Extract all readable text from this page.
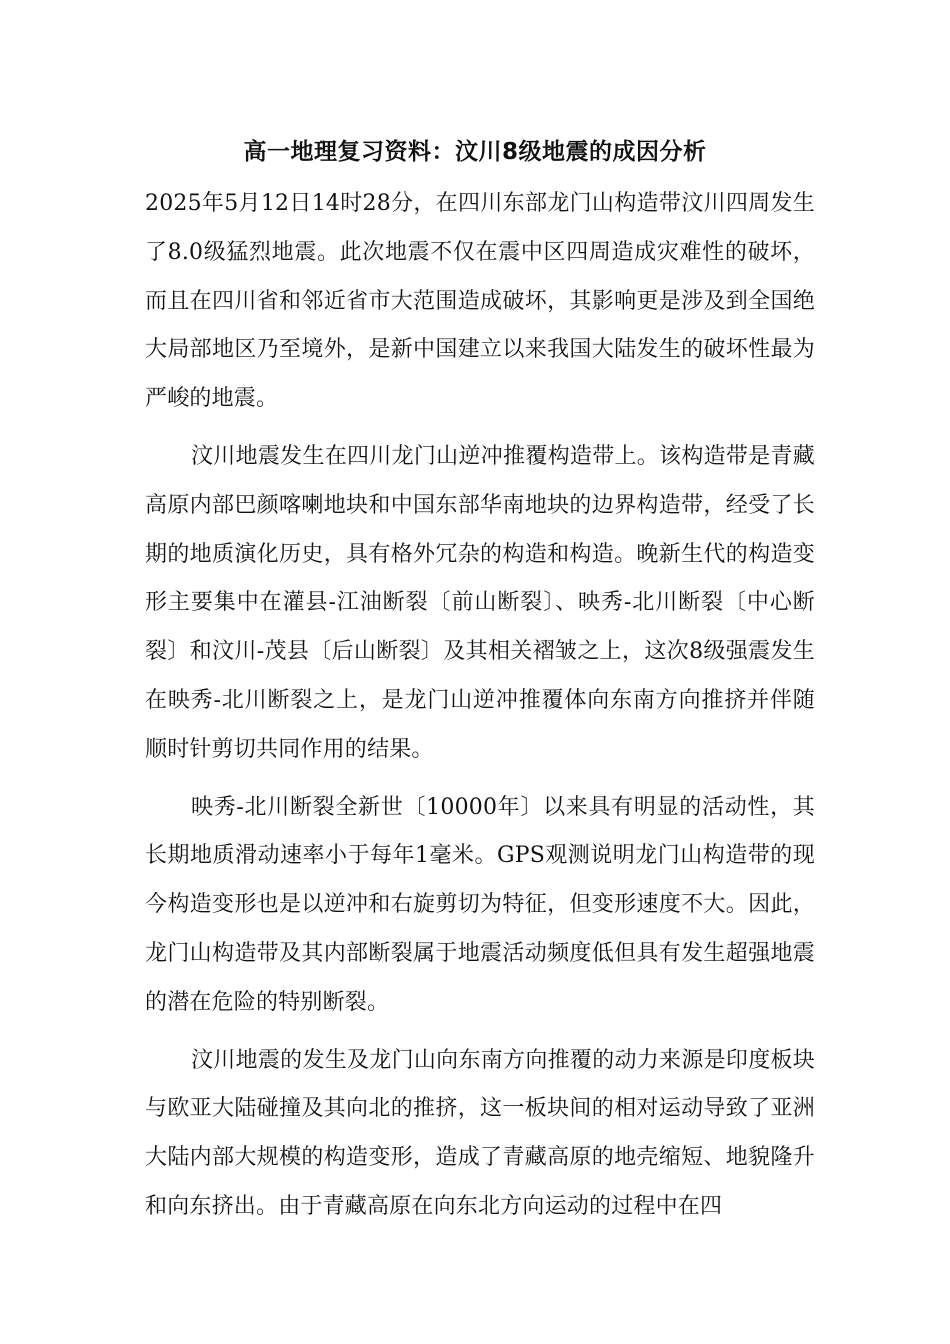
高一地理复习资料：汶川8级地震的成因分析

2025年5月12日14时28分，在四川东部龙门山构造带汶川四周发生了8.0级猛烈地震。此次地震不仅在震中区四周造成灾难性的破坏，而且在四川省和邻近省市大范围造成破坏，其影响更是涉及到全国绝大局部地区乃至境外，是新中国建立以来我国大陆发生的破坏性最为严峻的地震。

汶川地震发生在四川龙门山逆冲推覆构造带上。该构造带是青藏高原内部巴颜喀喇地块和中国东部华南地块的边界构造带，经受了长期的地质演化历史，具有格外冗杂的构造和构造。晚新生代的构造变形主要集中在灌县-江油断裂〔前山断裂〕、映秀-北川断裂〔中心断裂〕和汶川-茂县〔后山断裂〕及其相关褶皱之上，这次8级强震发生在映秀-北川断裂之上，是龙门山逆冲推覆体向东南方向推挤并伴随顺时针剪切共同作用的结果。

映秀-北川断裂全新世〔10000年〕以来具有明显的活动性，其长期地质滑动速率小于每年1毫米。GPS观测说明龙门山构造带的现今构造变形也是以逆冲和右旋剪切为特征，但变形速度不大。因此，龙门山构造带及其内部断裂属于地震活动频度低但具有发生超强地震的潜在危险的特别断裂。

汶川地震的发生及龙门山向东南方向推覆的动力来源是印度板块与欧亚大陆碰撞及其向北的推挤，这一板块间的相对运动导致了亚洲大陆内部大规模的构造变形，造成了青藏高原的地壳缩短、地貌隆升和向东挤出。由于青藏高原在向东北方向运动的过程中在四
